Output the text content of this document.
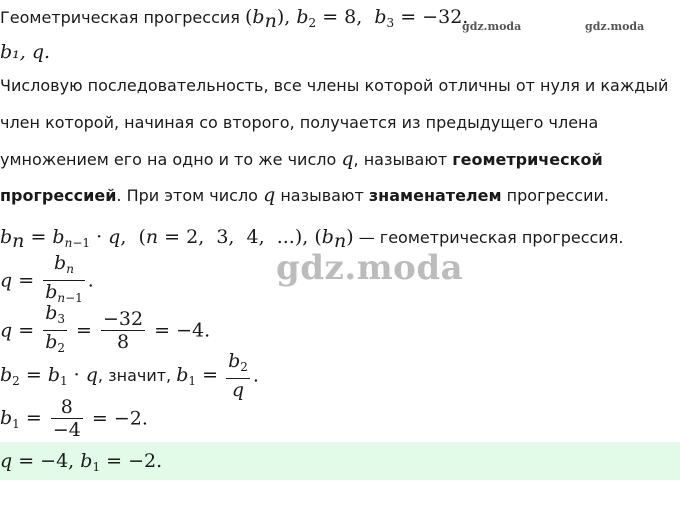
Геометрическая прогрессия $(b_n)$, $b_2 = 8$,  $b_3 = -32$.
gdz.moda	gdz.moda
b₁, q.
Числовую последовательность, все члены которой отличны от нуля и каждый
член которой, начиная со второго, получается из предыдущего члена
умножением его на одно и то же число q, называют геометрической
прогрессией. При этом число q называют знаменателем прогрессии.
$b_n = b_{n-1} \cdot q$,  (n = 2,  3,  4,  ...), $(b_n)$ — геометрическая прогрессия.
gdz.moda
$q = \frac{b_n}{b_{n-1}}$ .
$q = \frac{b_3}{b_2} = \frac{-32}{8} = -4$.
$b_2 = b_1 \cdot q$, значит, $b_1 = \frac{b_2}{q}$ .
$b_1 = \frac{8}{-4} = -2$.
q = −4, $b_1 = -2$.
